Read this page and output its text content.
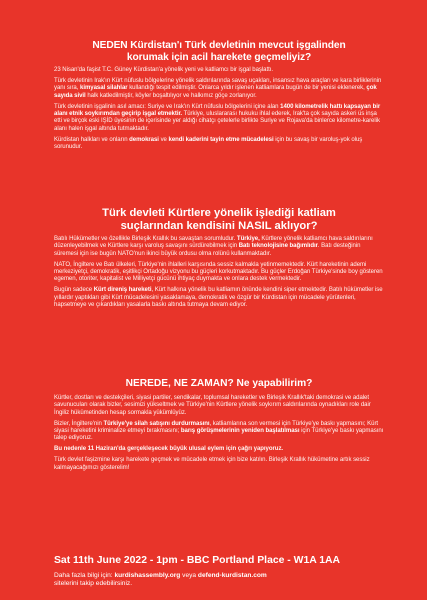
NEDEN Kürdistan'ı Türk devletinin mevcut işgalinden

korumak için acil harekete geçmeliyiz?

23 Nisan'da faşist T.C. Güney Kürdistan'a yönelik yeni ve katliamcı bir işgal başlattı.

Türk devletinin Irak'ın Kürt nüfuslu bölgelerine yönelik saldırılarında savaş uçakları, insansız hava araçları ve kara birliklerinin yanı sıra, kimyasal silahlar kullandığı tespit edilmiştir. Onlarca yıldır işlenen katliamlara bugün de bir yenisi eklenerek, çok sayıda sivil halk katledilmiştir, köyler boşaltılıyor ve halkımız göçe zorlanıyor.

Türk devletinin işgalinin asıl amacı: Suriye ve Irak'ın Kürt nüfuslu bölgelerini içine alan 1400 kilometrelik hattı kapsayan bir alanı etnik soykırımdan geçirip işgal etmektir. Türkiye, uluslararası hukuku ihlal ederek, Irak'ta çok sayıda askeri üs inşa etti ve birçok eski IŞİD üyesinin de içerisinde yer aldığı cihatçı çetelerle birlikte Suriye ve Rojava'da binlerce kilometre-karelik alanı halen işgal altında tutmaktadır.

Kürdistan halkları ve onların demokrasi ve kendi kaderini tayin etme mücadelesi için bu savaş bir varoluş-yok oluş sorunudur.

Türk devleti Kürtlere yönelik işlediği katliam

suçlarından kendisini NASIL aklıyor?

Batılı Hükümetler ve özellikle Birleşik Krallık bu savaştan sorumludur. Türkiye, Kürtlere yönelik katliamcı hava saldırılarını düzenleyebilmek ve Kürtlere karşı varoluş savaşını sürdürebilmek için Batı teknolojisine bağımlıdır. Batı desteğinin süremesi için ise bugün NATO'nun ikinci büyük ordusu olma rolünü kullanmaktadır.

NATO, İngiltere ve Batı ülkeleri, Türkiye'nin ihlalleri karşısında sessiz kalmakla yetinmemektedir. Kürt hareketinin ademi merkeziyetçi, demokratik, eşitlikçi Ortadoğu vizyonu bu güçleri korkutmaktadır. Bu güçler Erdoğan Türkiye'sinde boy gösteren egemen, otoriter, kapitalist ve Milliyetçi gücünü ihtiyaç duymakta ve onlara destek vermektedir.

Bugün sadece Kürt direniş hareketi, Kürt halkına yönelik bu katliamın önünde kendini siper etmektedir. Batılı hükümetler ise yıllardır yaptıkları gibi Kürt mücadelesini yasaklamaya, demokratik ve özgür bir Kürdistan için mücadele yürütenleri, hapsetmeye ve çıkardıkları yasalarla baskı altında tutmaya devam ediyor.

NEREDE, NE ZAMAN? Ne yapabilirim?

Kürtler, dostları ve destekçileri, siyasi partiler, sendikalar, toplumsal hareketler ve Birleşik Krallık'taki demokrasi ve adalet savunucuları olarak bizler, sesimizi yükseltmek ve Türkiye'nin Kürtlere yönelik soykırım saldırılarında oynadıkları role dair İngiliz hükümetinden hesap sormakla yükümlüyüz.

Bizler, İngiltere'nin Türkiye'ye silah satışını durdurmasını, katliamlarına son vermesi için Türkiye'ye baskı yapmasını; Kürt siyasi hareketini kriminalize etmeyi bırakmasını; barış görüşmelerinin yeniden başlatılması için Türkiye'ye baskı yapmasını talep ediyoruz.

Bu nedenle 11 Haziran'da gerçekleşecek büyük ulusal eylem için çağrı yapıyoruz.

Türk devlet faşizmine karşı harekete geçmek ve mücadele etmek için bize katılın. Birleşik Krallık hükümetine artık sessiz kalmayacağımızı gösterelim!

Sat 11th June 2022 - 1pm - BBC Portland Place - W1A 1AA

Daha fazla bilgi için: kurdishassembly.org veya defend-kurdistan.com

sitelerini takip edebilirsiniz.
